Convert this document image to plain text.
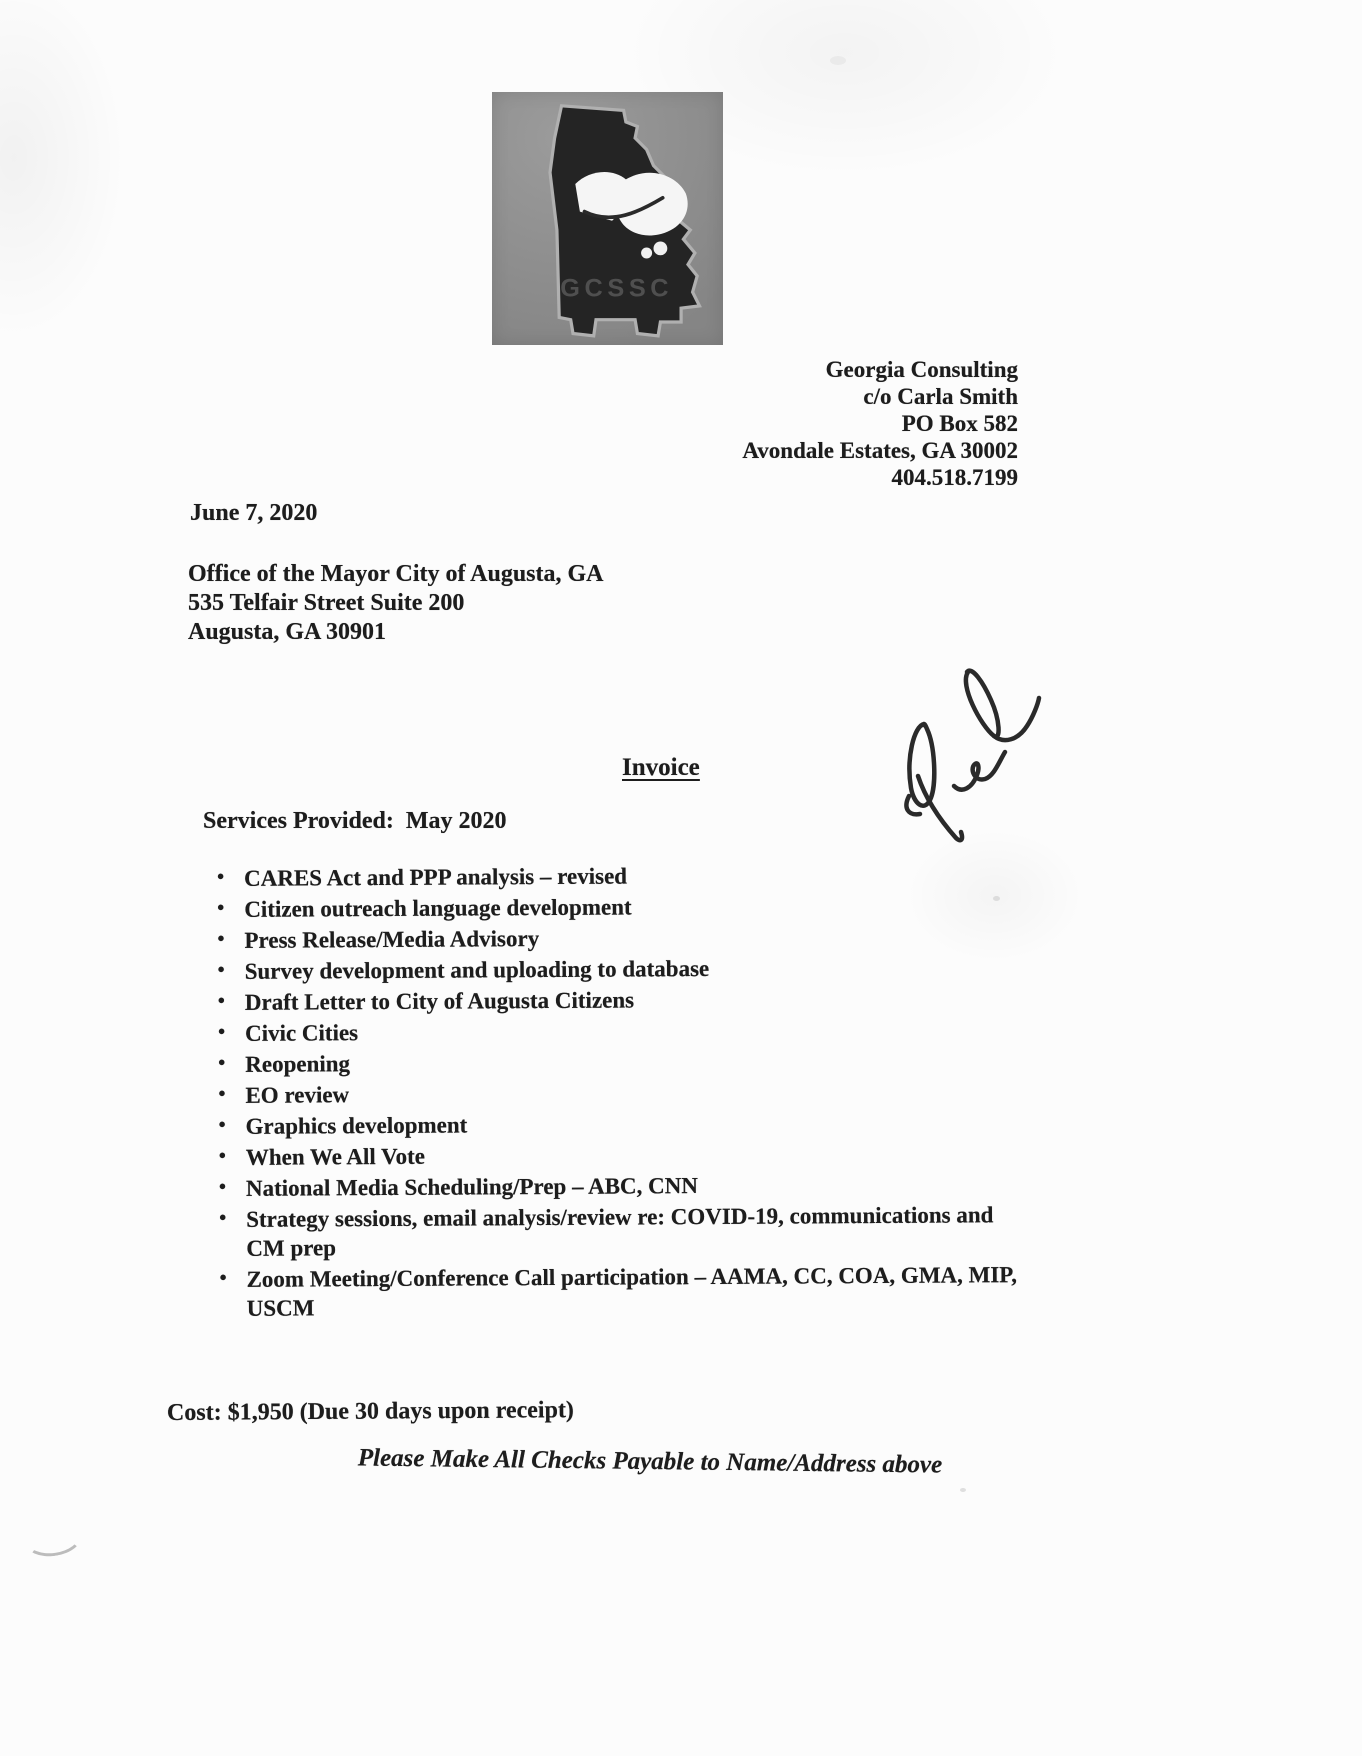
GCSSC
Georgia Consulting
c/o Carla Smith
PO Box 582
Avondale Estates, GA 30002
404.518.7199
June 7, 2020
Office of the Mayor City of Augusta, GA
535 Telfair Street Suite 200
Augusta, GA 30901
Invoice
Services Provided:  May 2020
• CARES Act and PPP analysis – revised
• Citizen outreach language development
• Press Release/Media Advisory
• Survey development and uploading to database
• Draft Letter to City of Augusta Citizens
• Civic Cities
• Reopening
• EO review
• Graphics development
• When We All Vote
• National Media Scheduling/Prep – ABC, CNN
• Strategy sessions, email analysis/review re: COVID-19, communications and
CM prep
• Zoom Meeting/Conference Call participation – AAMA, CC, COA, GMA, MIP,
USCM
Cost: $1,950 (Due 30 days upon receipt)
Please Make All Checks Payable to Name/Address above
